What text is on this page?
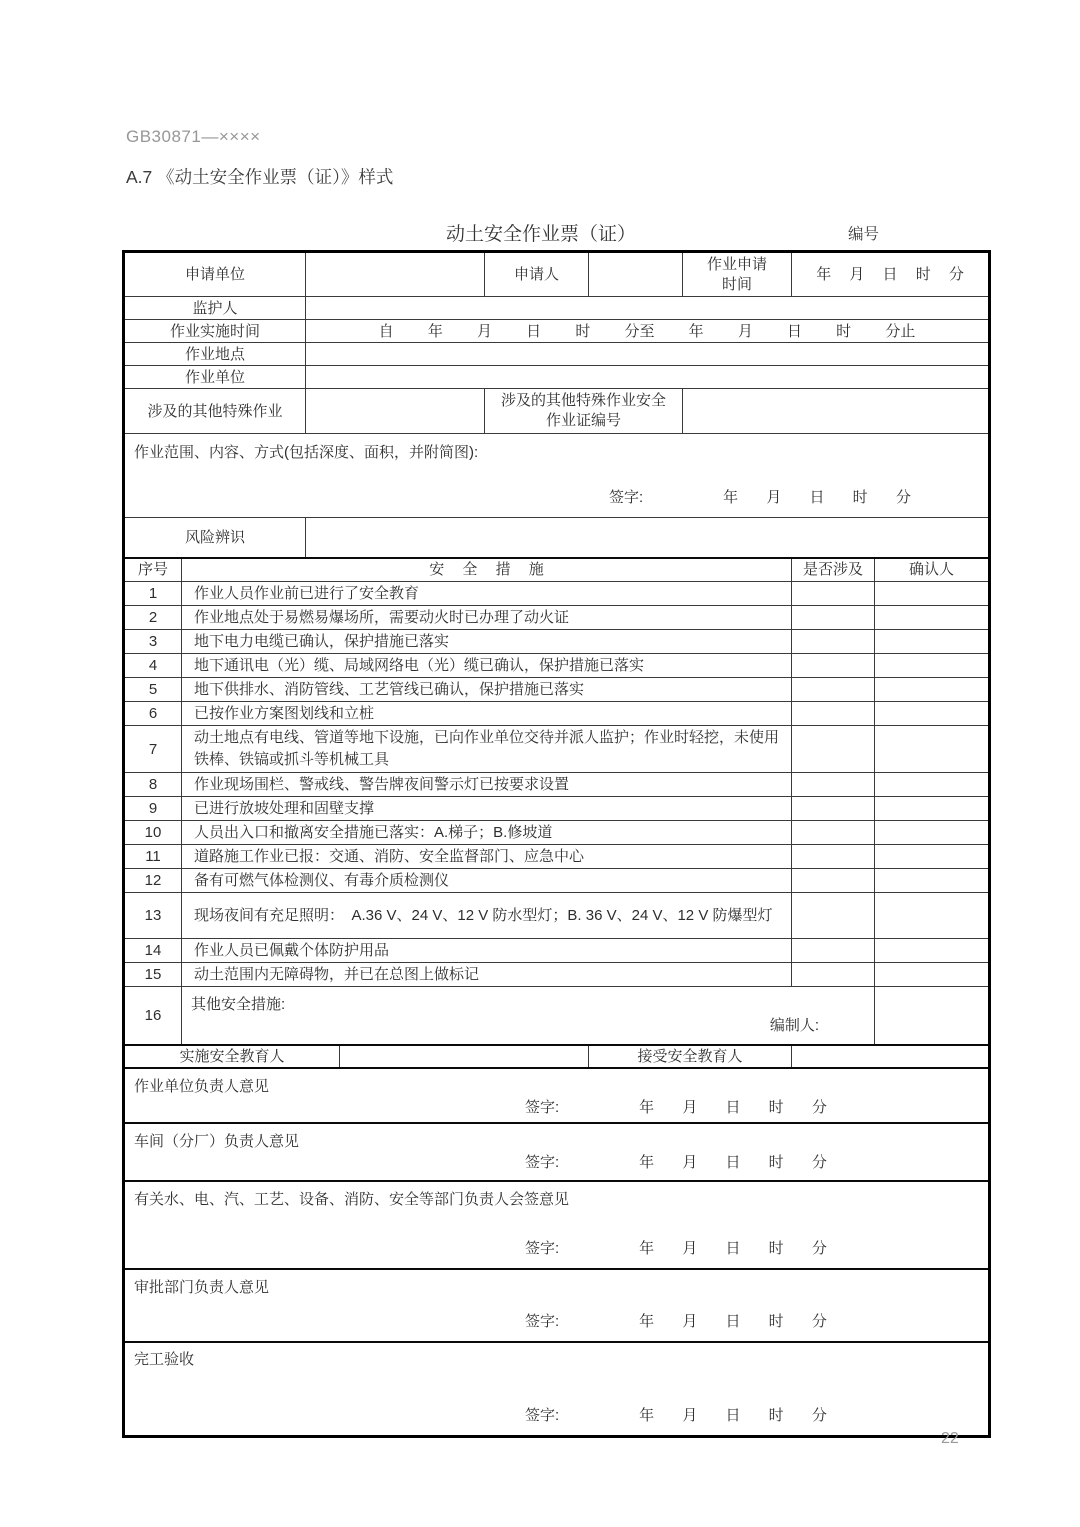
GB30871—××××
A.7 《动土安全作业票（证）》样式
动土安全作业票（证）	编号
申请单位				申请人		作业申请时间	年 月 日 时 分	
监护人								
作业实施时间		自 年 月 日 时 分至 年 月 日 时 分止						
作业地点								
作业单位								
涉及的其他特殊作业				涉及的其他特殊作业安全作业证编号				

作业范围、内容、方式(包括深度、面积，并附简图):
签字: 年 月 日 时 分								

风险辨识								
序号	安 全 措 施						是否涉及	确认人
1	作业人员作业前已进行了安全教育							
2	作业地点处于易燃易爆场所，需要动火时已办理了动火证							
3	地下电力电缆已确认，保护措施已落实							
4	地下通讯电（光）缆、局域网络电（光）缆已确认，保护措施已落实							
5	地下供排水、消防管线、工艺管线已确认，保护措施已落实							
6	已按作业方案图划线和立桩							
7	动土地点有电线、管道等地下设施，已向作业单位交待并派人监护；作业时轻挖，未使用铁棒、铁镐或抓斗等机械工具							
8	作业现场围栏、警戒线、警告牌夜间警示灯已按要求设置							
9	已进行放坡处理和固壁支撑							
10	人员出入口和撤离安全措施已落实：A.梯子；B.修坡道							
11	道路施工作业已报：交通、消防、安全监督部门、应急中心							
12	备有可燃气体检测仪、有毒介质检测仪							
13	现场夜间有充足照明：　A.36 V、24 V、12 V 防水型灯；B. 36 V、24 V、12 V 防爆型灯							
14	作业人员已佩戴个体防护用品							
15	动土范围内无障碍物，并已在总图上做标记							
16	其他安全措施:
编制人:							

实施安全教育人					接受安全教育人			

作业单位负责人意见
签字: 年 月 日 时 分								

车间（分厂）负责人意见
签字: 年 月 日 时 分								

有关水、电、汽、工艺、设备、消防、安全等部门负责人会签意见
签字: 年 月 日 时 分								

审批部门负责人意见
签字: 年 月 日 时 分								

完工验收
签字: 年 月 日 时 分								
22
